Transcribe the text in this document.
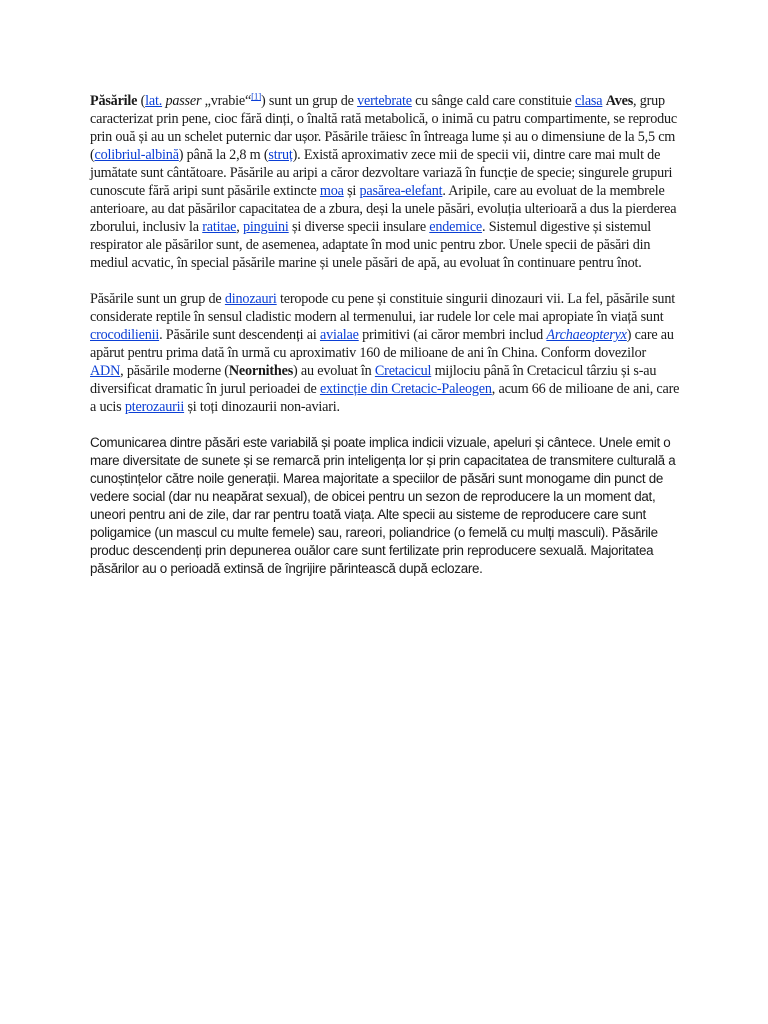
Păsările (lat. passer „vrabie“[1]) sunt un grup de vertebrate cu sânge cald care constituie clasa Aves, grup caracterizat prin pene, cioc fără dinți, o înaltă rată metabolică, o inimă cu patru compartimente, se reproduc prin ouă și au un schelet puternic dar ușor. Păsările trăiesc în întreaga lume și au o dimensiune de la 5,5 cm (colibriul-albină) până la 2,8 m (struț). Există aproximativ zece mii de specii vii, dintre care mai mult de jumătate sunt cântătoare. Păsările au aripi a căror dezvoltare variază în funcție de specie; singurele grupuri cunoscute fără aripi sunt păsările extincte moa și pasărea-elefant. Aripile, care au evoluat de la membrele anterioare, au dat păsărilor capacitatea de a zbura, deși la unele păsări, evoluția ulterioară a dus la pierderea zborului, inclusiv la ratitae, pinguini și diverse specii insulare endemice. Sistemul digestive și sistemul respirator ale păsărilor sunt, de asemenea, adaptate în mod unic pentru zbor. Unele specii de păsări din mediul acvatic, în special păsările marine și unele păsări de apă, au evoluat în continuare pentru înot.

Păsările sunt un grup de dinozauri teropode cu pene și constituie singurii dinozauri vii. La fel, păsările sunt considerate reptile în sensul cladistic modern al termenului, iar rudele lor cele mai apropiate în viață sunt crocodilienii. Păsările sunt descendenți ai avialae primitivi (ai căror membri includ Archaeopteryx) care au apărut pentru prima dată în urmă cu aproximativ 160 de milioane de ani în China. Conform dovezilor ADN, păsările moderne (Neornithes) au evoluat în Cretacicul mijlociu până în Cretacicul târziu și s-au diversificat dramatic în jurul perioadei de extincție din Cretacic-Paleogen, acum 66 de milioane de ani, care a ucis pterozaurii și toți dinozaurii non-aviari.

Comunicarea dintre păsări este variabilă și poate implica indicii vizuale, apeluri și cântece. Unele emit o mare diversitate de sunete și se remarcă prin inteligența lor și prin capacitatea de transmitere culturală a cunoștințelor către noile generații. Marea majoritate a speciilor de păsări sunt monogame din punct de vedere social (dar nu neapărat sexual), de obicei pentru un sezon de reproducere la un moment dat, uneori pentru ani de zile, dar rar pentru toată viața. Alte specii au sisteme de reproducere care sunt poligamice (un mascul cu multe femele) sau, rareori, poliandrice (o femelă cu mulți masculi). Păsările produc descendenți prin depunerea ouălor care sunt fertilizate prin reproducere sexuală. Majoritatea păsărilor au o perioadă extinsă de îngrijire părintească după eclozare.
